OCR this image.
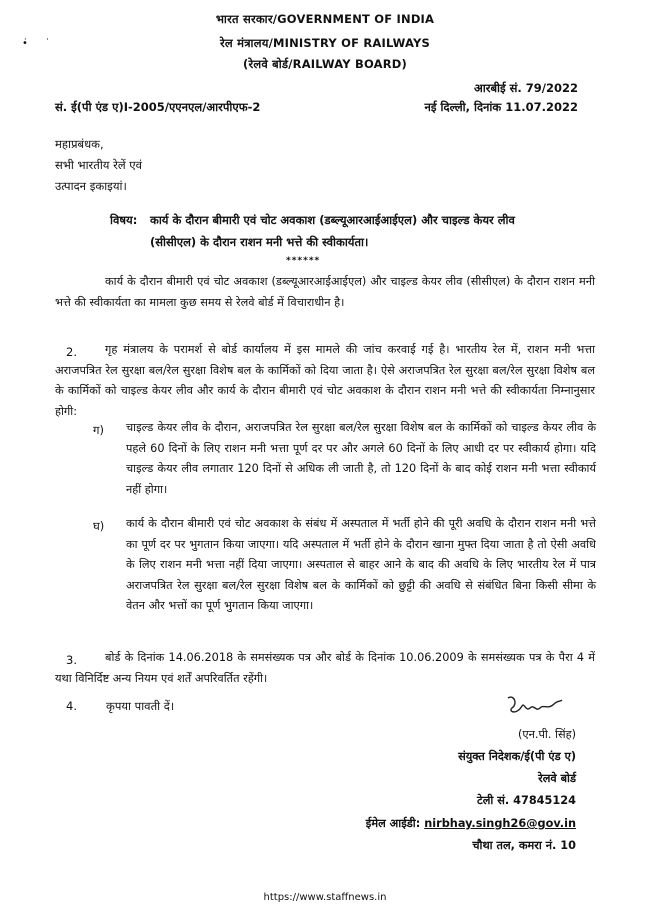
•̇ ˙
भारत सरकार/GOVERNMENT OF INDIA
रेल मंत्रालय/MINISTRY OF RAILWAYS
(रेलवे बोर्ड/RAILWAY BOARD)
आरबीई सं. 79/2022
सं. ई(पी एंड ए)I-2005/एएनएल/आरपीएफ-2	नई दिल्ली, दिनांक 11.07.2022
महाप्रबंधक,
सभी भारतीय रेलें एवं
उत्पादन इकाइयां।
विषय: कार्य के दौरान बीमारी एवं चोट अवकाश (डब्ल्यूआरआईआईएल) और चाइल्ड केयर लीव
(सीसीएल) के दौरान राशन मनी भत्ते की स्वीकार्यता।
******
कार्य के दौरान बीमारी एवं चोट अवकाश (डब्ल्यूआरआईआईएल) और चाइल्ड केयर लीव (सीसीएल) के दौरान राशन मनी भत्ते की स्वीकार्यता का मामला कुछ समय से रेलवे बोर्ड में विचाराधीन है।
2.	गृह मंत्रालय के परामर्श से बोर्ड कार्यालय में इस मामले की जांच करवाई गई है। भारतीय रेल में, राशन मनी भत्ता अराजपत्रित रेल सुरक्षा बल/रेल सुरक्षा विशेष बल के कार्मिकों को दिया जाता है। ऐसे अराजपत्रित रेल सुरक्षा बल/रेल सुरक्षा विशेष बल के कार्मिकों को चाइल्ड केयर लीव और कार्य के दौरान बीमारी एवं चोट अवकाश के दौरान राशन मनी भत्ते की स्वीकार्यता निम्नानुसार होगी:
ग) चाइल्ड केयर लीव के दौरान, अराजपत्रित रेल सुरक्षा बल/रेल सुरक्षा विशेष बल के कार्मिकों को चाइल्ड केयर लीव के पहले 60 दिनों के लिए राशन मनी भत्ता पूर्ण दर पर और अगले 60 दिनों के लिए आधी दर पर स्वीकार्य होगा। यदि चाइल्ड केयर लीव लगातार 120 दिनों से अधिक ली जाती है, तो 120 दिनों के बाद कोई राशन मनी भत्ता स्वीकार्य नहीं होगा।
घ) कार्य के दौरान बीमारी एवं चोट अवकाश के संबंध में अस्पताल में भर्ती होने की पूरी अवधि के दौरान राशन मनी भत्ते का पूर्ण दर पर भुगतान किया जाएगा। यदि अस्पताल में भर्ती होने के दौरान खाना मुफ्त दिया जाता है तो ऐसी अवधि के लिए राशन मनी भत्ता नहीं दिया जाएगा। अस्पताल से बाहर आने के बाद की अवधि के लिए भारतीय रेल में पात्र अराजपत्रित रेल सुरक्षा बल/रेल सुरक्षा विशेष बल के कार्मिकों को छुट्टी की अवधि से संबंधित बिना किसी सीमा के वेतन और भत्तों का पूर्ण भुगतान किया जाएगा।
3.	बोर्ड के दिनांक 14.06.2018 के समसंख्यक पत्र और बोर्ड के दिनांक 10.06.2009 के समसंख्यक पत्र के पैरा 4 में यथा विनिर्दिष्ट अन्य नियम एवं शर्तें अपरिवर्तित रहेंगी।
4.	कृपया पावती दें।
(एन.पी. सिंह)
संयुक्त निदेशक/ई(पी एंड ए)
रेलवे बोर्ड
टेली सं. 47845124
ईमेल आईडी: nirbhay.singh26@gov.in
चौथा तल, कमरा नं. 10
https://www.staffnews.in
